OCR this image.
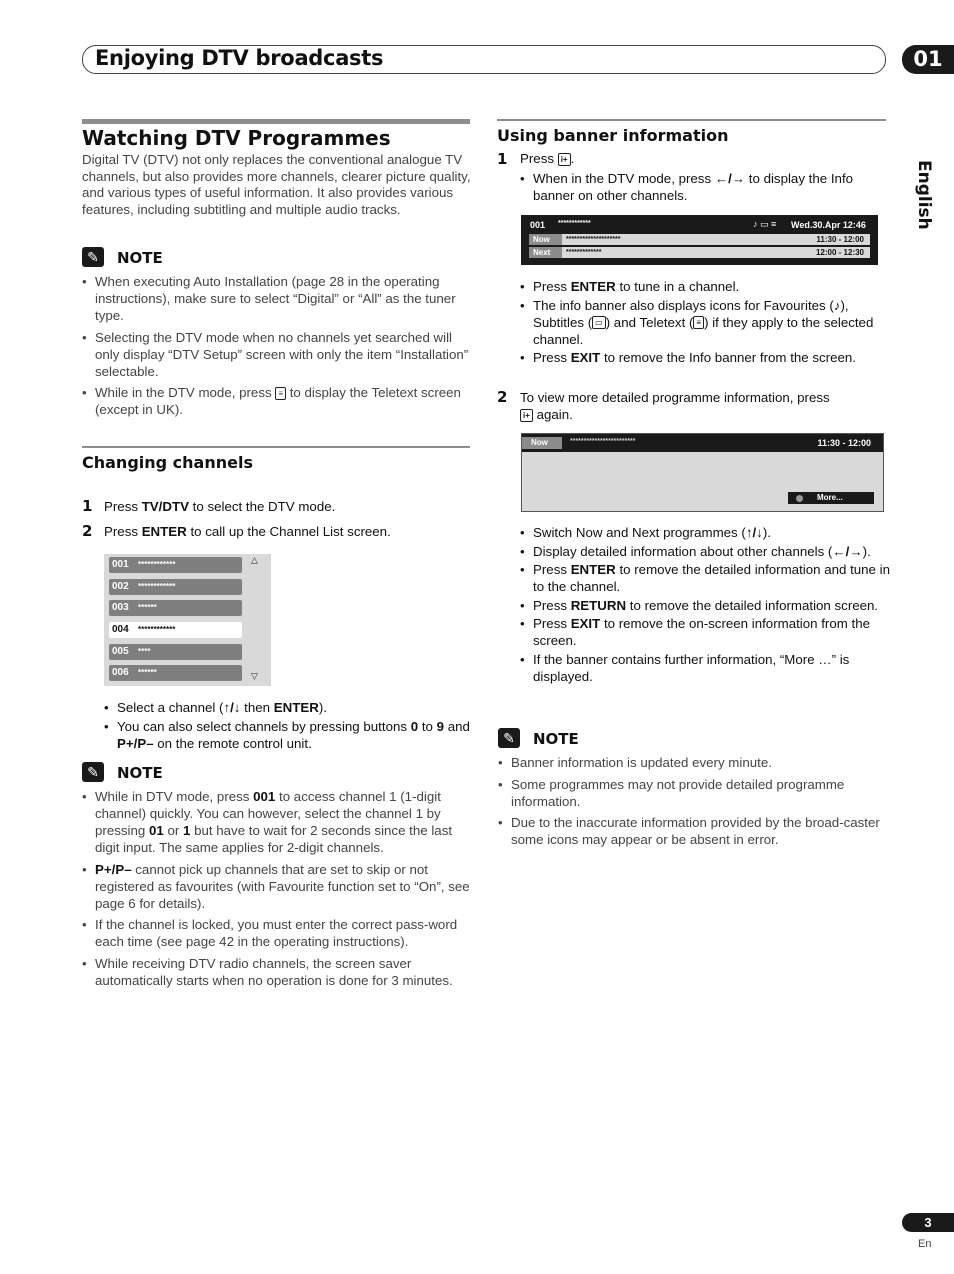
Enjoying DTV broadcasts	01
English
Watching DTV Programmes
Digital TV (DTV) not only replaces the conventional analogue TV channels, but also provides more channels, clearer picture quality, and various types of useful information. It also provides various features, including subtitling and multiple audio tracks.
✎	NOTE
• When executing Auto Installation (page 28 in the operating instructions), make sure to select “Digital” or “All” as the tuner type.
• Selecting the DTV mode when no channels yet searched will only display “DTV Setup” screen with only the item “Installation” selectable.
• While in the DTV mode, press ≡ to display the Teletext screen (except in UK).
Changing channels
1 Press TV/DTV to select the DTV mode.
2 Press ENTER to call up the Channel List screen.
001 ************
002 ************
003 ******
004 ************
005 ****
006 ******
△
▽
• Select a channel (↑/↓ then ENTER).
• You can also select channels by pressing buttons 0 to 9 and P+/P– on the remote control unit.
✎	NOTE
• While in DTV mode, press 001 to access channel 1 (1-digit channel) quickly. You can however, select the channel 1 by pressing 01 or 1 but have to wait for 2 seconds since the last digit input. The same applies for 2-digit channels.
• P+/P– cannot pick up channels that are set to skip or not registered as favourites (with Favourite function set to “On”, see page 6 for details).
• If the channel is locked, you must enter the correct pass-word each time (see page 42 in the operating instructions).
• While receiving DTV radio channels, the screen saver automatically starts when no operation is done for 3 minutes.
Using banner information
1 Press i+ .
• When in the DTV mode, press ←/→ to display the Info banner on other channels.
001 ************	♪ ▭ ≡ Wed.30.Apr 12:46
Now	********************	11:30 - 12:00
Next	*************	12:00 - 12:30
• Press ENTER to tune in a channel.
• The info banner also displays icons for Favourites (♪), Subtitles ( ▭ ) and Teletext ( ≡ ) if they apply to the selected channel.
• Press EXIT to remove the Info banner from the screen.
2 To view more detailed programme information, press
i+ again.
Now	************************	11:30 - 12:00
More...
• Switch Now and Next programmes (↑/↓).
• Display detailed information about other channels (←/→).
• Press ENTER to remove the detailed information and tune in to the channel.
• Press RETURN to remove the detailed information screen.
• Press EXIT to remove the on-screen information from the screen.
• If the banner contains further information, “More …” is displayed.
✎	NOTE
• Banner information is updated every minute.
• Some programmes may not provide detailed programme information.
• Due to the inaccurate information provided by the broad-caster some icons may appear or be absent in error.
3
En
